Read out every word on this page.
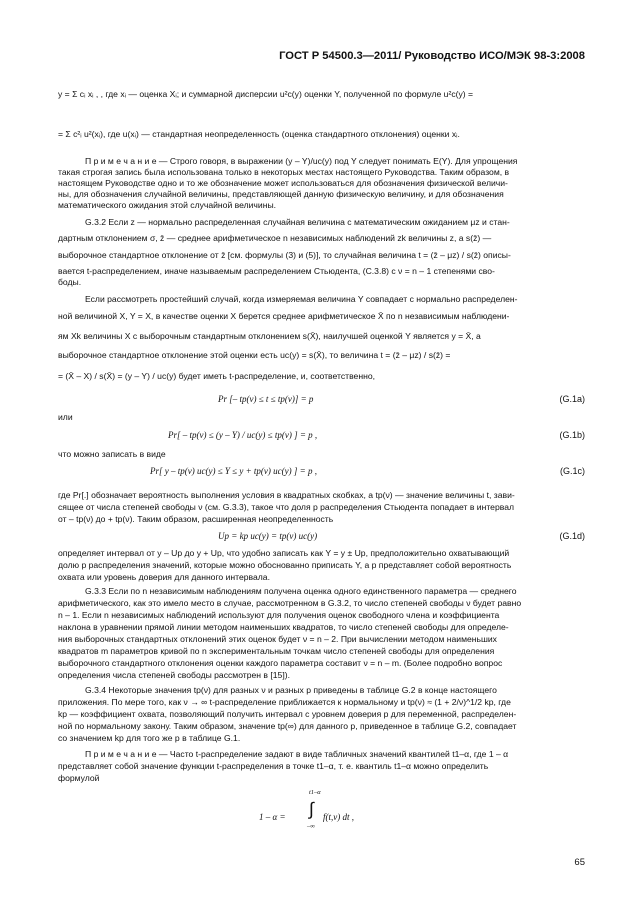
ГОСТ Р 54500.3—2011/ Руководство ИСО/МЭК 98-3:2008
y = Σ cᵢ xᵢ , , где xᵢ — оценка Xᵢ; и суммарной дисперсии u²c(y) оценки Y, полученной по формуле u²c(y) =
= Σ c²ᵢ u²(xᵢ), где u(xᵢ) — стандартная неопределенность (оценка стандартного отклонения) оценки xᵢ.
П р и м е ч а н и е — Строго говоря, в выражении (y – Y)/uc(y) под Y следует понимать E(Y). Для упрощения
такая строгая запись была использована только в некоторых местах настоящего Руководства. Таким образом, в
настоящем Руководстве одно и то же обозначение может использоваться для обозначения физической величи-
ны, для обозначения случайной величины, представляющей данную физическую величину, и для обозначения
математического ожидания этой случайной величины.
G.3.2 Если z — нормально распределенная случайная величина с математическим ожиданием μz и стан-
дартным отклонением σ, z̄ — среднее арифметическое n независимых наблюдений zk величины z, а s(z̄) —
выборочное стандартное отклонение от z̄ [см. формулы (3) и (5)], то случайная величина t = (z̄ – μz) / s(z̄) описы-
вается t-распределением, иначе называемым распределением Стьюдента, (С.3.8) с ν = n – 1 степенями сво-
боды.
Если рассмотреть простейший случай, когда измеряемая величина Y совпадает с нормально распределен-
ной величиной X, Y = X, в качестве оценки X берется среднее арифметическое X̄ по n независимым наблюдени-
ям Xk величины X с выборочным стандартным отклонением s(X̄), наилучшей оценкой Y является y = X̄, а
выборочное стандартное отклонение этой оценки есть uc(y) = s(X̄), то величина t = (z̄ – μz) / s(z̄) =
= (X̄ – X) / s(X̄) = (y – Y) / uc(y) будет иметь t-распределение, и, соответственно,
или
что можно записать в виде
где Pr[.] обозначает вероятность выполнения условия в квадратных скобках, а tp(ν) — значение величины t, зави-
сящее от числа степеней свободы ν (см. G.3.3), такое что доля p распределения Стьюдента попадает в интервал
от – tp(ν) до + tp(ν). Таким образом, расширенная неопределенность
определяет интервал от y – Up до y + Up, что удобно записать как Y = y ± Up, предположительно охватывающий
долю p распределения значений, которые можно обоснованно приписать Y, а p представляет собой вероятность
охвата или уровень доверия для данного интервала.
G.3.3 Если по n независимым наблюдениям получена оценка одного единственного параметра — среднего
арифметического, как это имело место в случае, рассмотренном в G.3.2, то число степеней свободы ν будет равно
n – 1. Если n независимых наблюдений используют для получения оценок свободного члена и коэффициента
наклона в уравнении прямой линии методом наименьших квадратов, то число степеней свободы для определе-
ния выборочных стандартных отклонений этих оценок будет ν = n – 2. При вычислении методом наименьших
квадратов m параметров кривой по n экспериментальным точкам число степеней свободы для определения
выборочного стандартного отклонения оценки каждого параметра составит ν = n – m. (Более подробно вопрос
определения числа степеней свободы рассмотрен в [15]).
G.3.4 Некоторые значения tp(ν) для разных ν и разных p приведены в таблице G.2 в конце настоящего
приложения. По мере того, как ν → ∞ t-распределение приближается к нормальному и tp(ν) ≈ (1 + 2/ν)^1/2 kp, где
kp — коэффициент охвата, позволяющий получить интервал с уровнем доверия p для переменной, распределен-
ной по нормальному закону. Таким образом, значение tp(∞) для данного p, приведенное в таблице G.2, совпадает
со значением kp для того же p в таблице G.1.
П р и м е ч а н и е — Часто t-распределение задают в виде табличных значений квантилей t1–α, где 1 – α
представляет собой значение функции t-распределения в точке t1–α, т. е. квантиль t1–α можно определить
формулой
Pr [– tp(ν) ≤ t ≤ tp(ν)] = p	(G.1a)
Pr[ – tp(ν) ≤ (y – Y) / uc(y) ≤ tp(ν) ] = p ,	(G.1b)
Pr[ y – tp(ν) uc(y) ≤ Y ≤ y + tp(ν) uc(y) ] = p ,	(G.1c)
Up = kp uc(y) = tp(ν) uc(y)	(G.1d)
1 – α =
t1–α
∫
–∞
f(t,ν) dt ,
65
